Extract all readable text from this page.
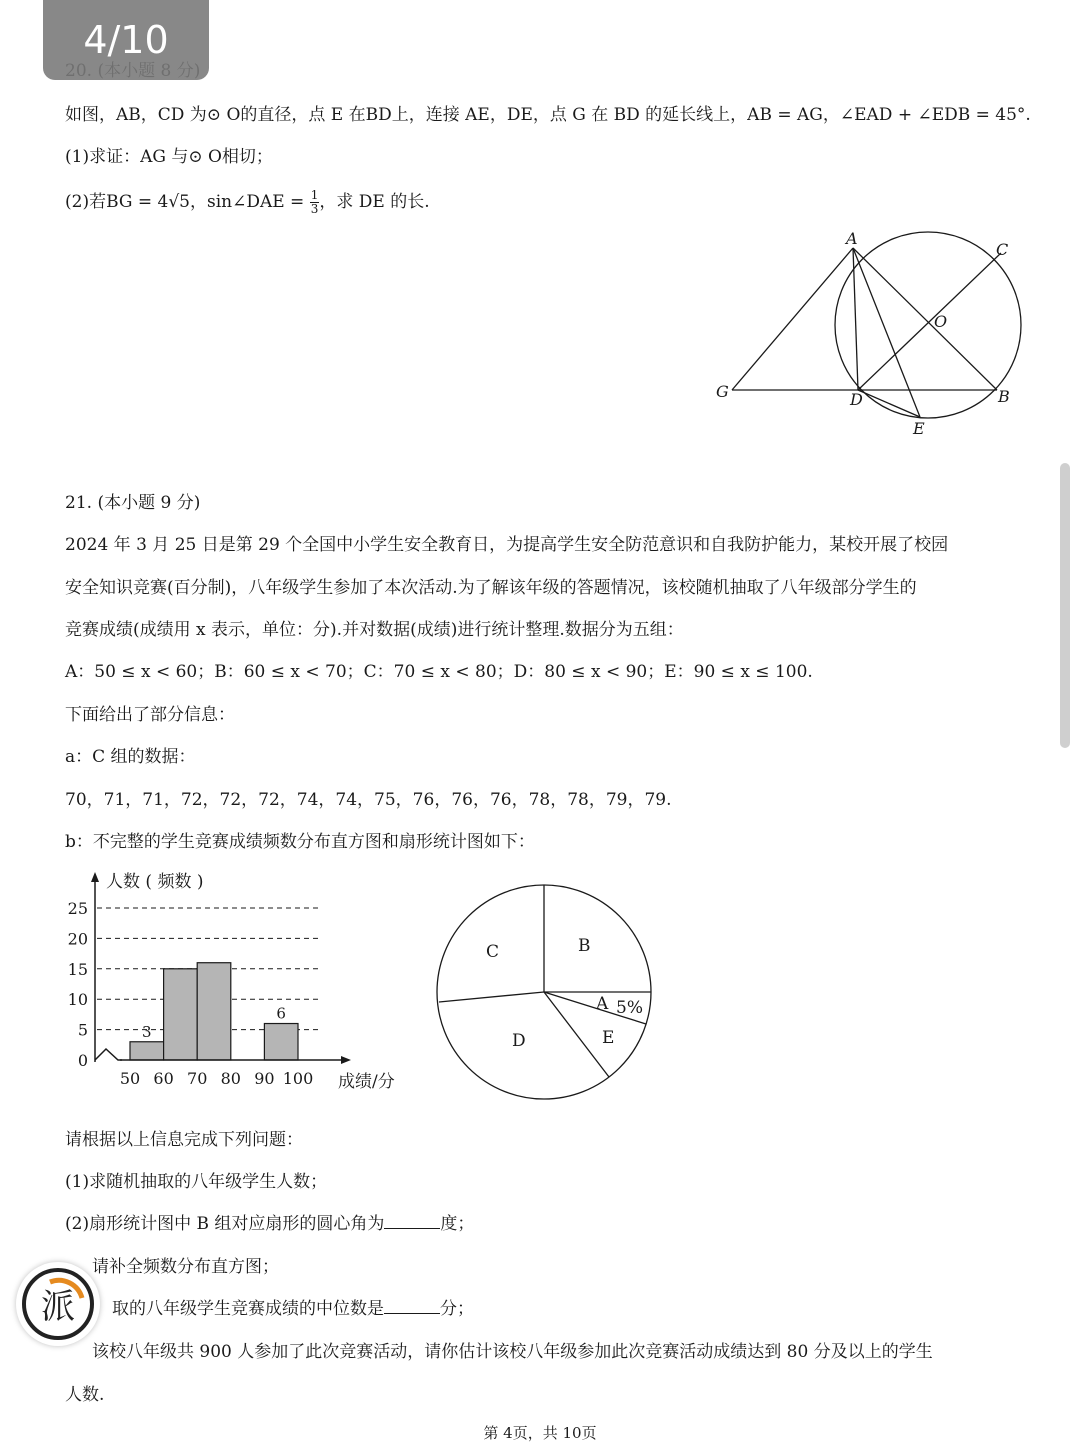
4/10
如图，AB，CD 为⊙ O的直径，点 E 在BD上，连接 AE，DE，点 G 在 BD 的延长线上，AB = AG，∠EAD + ∠EDB = 45°.
(1)求证：AG 与⊙ O相切；
(2)若BG = 4√5，sin∠DAE = $\frac{1}{3}$ ，求 DE 的长.
A
C
O
G	D	B
E
21. (本小题 9 分)
2024 年 3 月 25 日是第 29 个全国中小学生安全教育日，为提高学生安全防范意识和自我防护能力，某校开展了校园
安全知识竞赛(百分制)，八年级学生参加了本次活动.为了解该年级的答题情况，该校随机抽取了八年级部分学生的
竞赛成绩(成绩用 x 表示，单位：分).并对数据(成绩)进行统计整理.数据分为五组：
A：50 ≤ x < 60；B：60 ≤ x < 70；C：70 ≤ x < 80；D：80 ≤ x < 90；E：90 ≤ x ≤ 100.
下面给出了部分信息：
a：C 组的数据：
70，71，71，72，72，72，74，74，75，76，76，76，78，78，79，79.
b：不完整的学生竞赛成绩频数分布直方图和扇形统计图如下：
25
20
15
10
5
0
50 60 70 80 90 100
3
6
人数 ( 频数 )
成绩/分
C	B
A 5%
E
D
请根据以上信息完成下列问题：
(1)求随机抽取的八年级学生人数；
(2)扇形统计图中 B 组对应扇形的圆心角为	度；
请补全频数分布直方图；
取的八年级学生竞赛成绩的中位数是	分；
该校八年级共 900 人参加了此次竞赛活动，请你估计该校八年级参加此次竞赛活动成绩达到 80 分及以上的学生
人数.
第 4页，共 10页
派
